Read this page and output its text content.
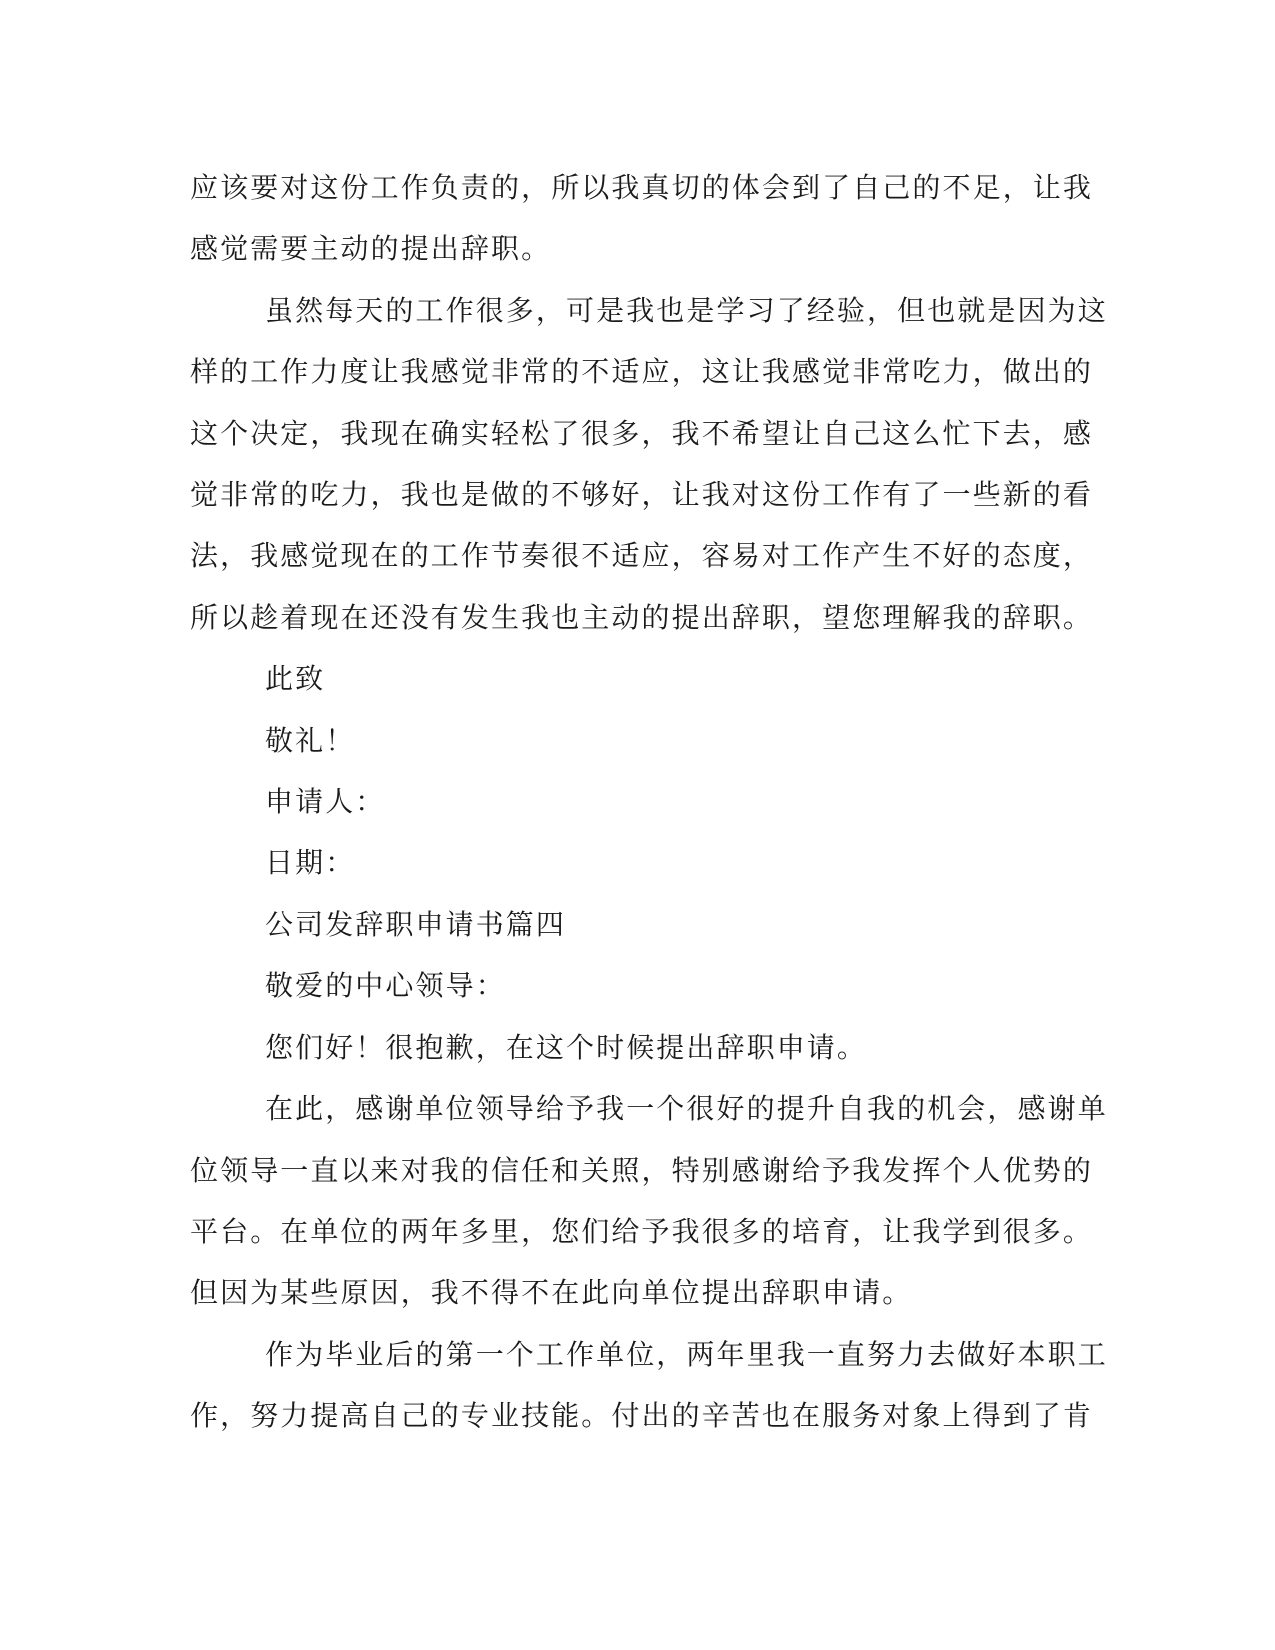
应该要对这份工作负责的，所以我真切的体会到了自己的不足，让我

感觉需要主动的提出辞职。

虽然每天的工作很多，可是我也是学习了经验，但也就是因为这

样的工作力度让我感觉非常的不适应，这让我感觉非常吃力，做出的

这个决定，我现在确实轻松了很多，我不希望让自己这么忙下去，感

觉非常的吃力，我也是做的不够好，让我对这份工作有了一些新的看

法，我感觉现在的工作节奏很不适应，容易对工作产生不好的态度，

所以趁着现在还没有发生我也主动的提出辞职，望您理解我的辞职。

此致

敬礼！

申请人：

日期：

公司发辞职申请书篇四

敬爱的中心领导：

您们好！很抱歉，在这个时候提出辞职申请。

在此，感谢单位领导给予我一个很好的提升自我的机会，感谢单

位领导一直以来对我的信任和关照，特别感谢给予我发挥个人优势的

平台。在单位的两年多里，您们给予我很多的培育，让我学到很多。

但因为某些原因，我不得不在此向单位提出辞职申请。

作为毕业后的第一个工作单位，两年里我一直努力去做好本职工

作，努力提高自己的专业技能。付出的辛苦也在服务对象上得到了肯
